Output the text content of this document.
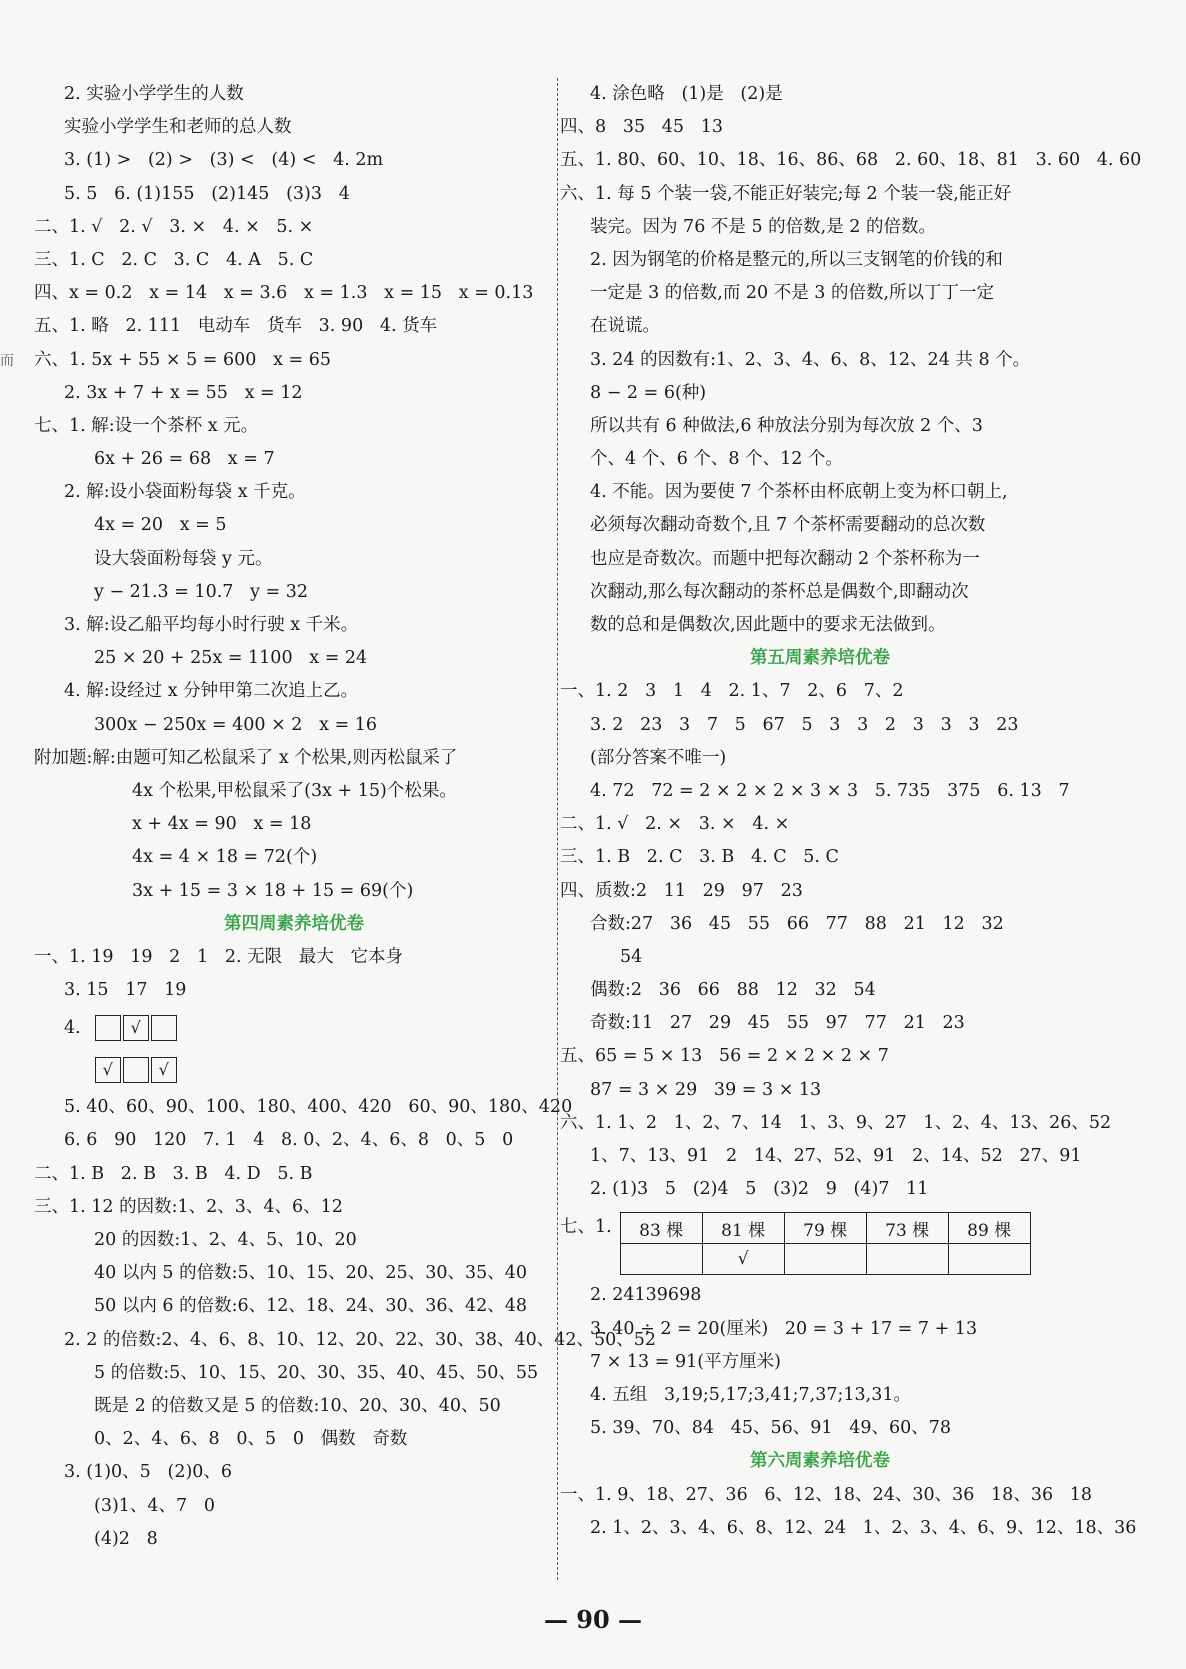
而
2. 实验小学学生的人数
实验小学学生和老师的总人数
3. (1) >   (2) >   (3) <   (4) <   4. 2m
5. 5   6. (1)155   (2)145   (3)3   4
二、1. √   2. √   3. ×   4. ×   5. ×
三、1. C   2. C   3. C   4. A   5. C
四、x = 0.2   x = 14   x = 3.6   x = 1.3   x = 15   x = 0.13
五、1. 略   2. 111   电动车   货车   3. 90   4. 货车
六、1. 5x + 55 × 5 = 600   x = 65
2. 3x + 7 + x = 55   x = 12
七、1. 解:设一个茶杯 x 元。
6x + 26 = 68   x = 7
2. 解:设小袋面粉每袋 x 千克。
4x = 20   x = 5
设大袋面粉每袋 y 元。
y − 21.3 = 10.7   y = 32
3. 解:设乙船平均每小时行驶 x 千米。
25 × 20 + 25x = 1100   x = 24
4. 解:设经过 x 分钟甲第二次追上乙。
300x − 250x = 400 × 2   x = 16
附加题:解:由题可知乙松鼠采了 x 个松果,则丙松鼠采了
4x 个松果,甲松鼠采了(3x + 15)个松果。
x + 4x = 90   x = 18
4x = 4 × 18 = 72(个)
3x + 15 = 3 × 18 + 15 = 69(个)
第四周素养培优卷
一、1. 19   19   2   1   2. 无限   最大   它本身
3. 15   17   19
4.	√
√	√
5. 40、60、90、100、180、400、420   60、90、180、420
6. 6   90   120   7. 1   4   8. 0、2、4、6、8   0、5   0
二、1. B   2. B   3. B   4. D   5. B
三、1. 12 的因数:1、2、3、4、6、12
20 的因数:1、2、4、5、10、20
40 以内 5 的倍数:5、10、15、20、25、30、35、40
50 以内 6 的倍数:6、12、18、24、30、36、42、48
2. 2 的倍数:2、4、6、8、10、12、20、22、30、38、40、42、50、52
5 的倍数:5、10、15、20、30、35、40、45、50、55
既是 2 的倍数又是 5 的倍数:10、20、30、40、50
0、2、4、6、8   0、5   0   偶数   奇数
3. (1)0、5   (2)0、6
(3)1、4、7   0
(4)2   8
4. 涂色略   (1)是   (2)是
四、8   35   45   13
五、1. 80、60、10、18、16、86、68   2. 60、18、81   3. 60   4. 60
六、1. 每 5 个装一袋,不能正好装完;每 2 个装一袋,能正好
装完。因为 76 不是 5 的倍数,是 2 的倍数。
2. 因为钢笔的价格是整元的,所以三支钢笔的价钱的和
一定是 3 的倍数,而 20 不是 3 的倍数,所以丁丁一定
在说谎。
3. 24 的因数有:1、2、3、4、6、8、12、24 共 8 个。
8 − 2 = 6(种)
所以共有 6 种做法,6 种放法分别为每次放 2 个、3
个、4 个、6 个、8 个、12 个。
4. 不能。因为要使 7 个茶杯由杯底朝上变为杯口朝上,
必须每次翻动奇数个,且 7 个茶杯需要翻动的总次数
也应是奇数次。而题中把每次翻动 2 个茶杯称为一
次翻动,那么每次翻动的茶杯总是偶数个,即翻动次
数的总和是偶数次,因此题中的要求无法做到。
第五周素养培优卷
一、1. 2   3   1   4   2. 1、7   2、6   7、2
3. 2   23   3   7   5   67   5   3   3   2   3   3   3   23
(部分答案不唯一)
4. 72   72 = 2 × 2 × 2 × 3 × 3   5. 735   375   6. 13   7
二、1. √   2. ×   3. ×   4. ×
三、1. B   2. C   3. B   4. C   5. C
四、质数:2   11   29   97   23
合数:27   36   45   55   66   77   88   21   12   32
54
偶数:2   36   66   88   12   32   54
奇数:11   27   29   45   55   97   77   21   23
五、65 = 5 × 13   56 = 2 × 2 × 2 × 7
87 = 3 × 29   39 = 3 × 13
六、1. 1、2   1、2、7、14   1、3、9、27   1、2、4、13、26、52
1、7、13、91   2   14、27、52、91   2、14、52   27、91
2. (1)3   5   (2)4   5   (3)2   9   (4)7   11
七、1. 83 棵	81 棵	79 棵	73 棵	89 棵
	√			
2. 24139698
3. 40 ÷ 2 = 20(厘米)   20 = 3 + 17 = 7 + 13
7 × 13 = 91(平方厘米)
4. 五组   3,19;5,17;3,41;7,37;13,31。
5. 39、70、84   45、56、91   49、60、78
第六周素养培优卷
一、1. 9、18、27、36   6、12、18、24、30、36   18、36   18
2. 1、2、3、4、6、8、12、24   1、2、3、4、6、9、12、18、36
— 90 —
